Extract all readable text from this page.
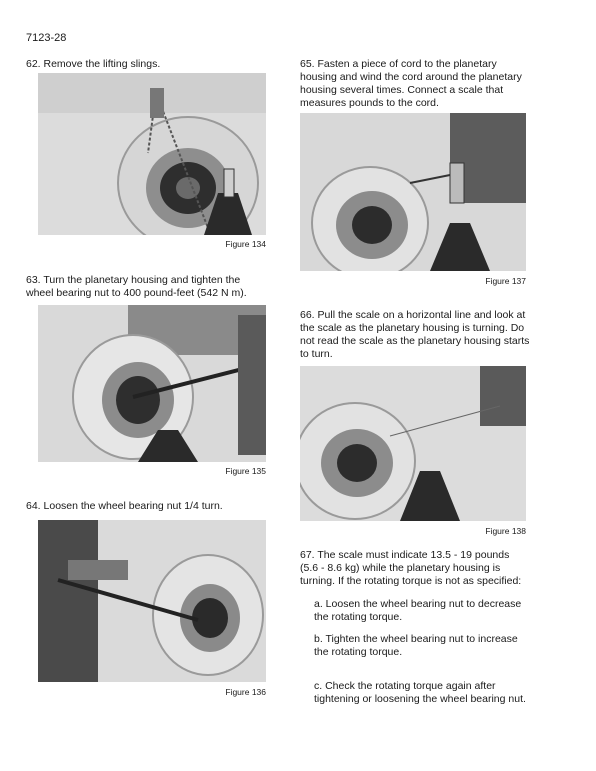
7123-28
62. Remove the lifting slings.
Figure 134
63. Turn the planetary housing and tighten the wheel bearing nut to 400 pound-feet (542 N m).
Figure 135
64. Loosen the wheel bearing nut 1/4 turn.
Figure 136
65. Fasten a piece of cord to the planetary housing and wind the cord around the planetary housing several times. Connect a scale that measures pounds to the cord.
Figure 137
66. Pull the scale on a horizontal line and look at the scale as the planetary housing is turning. Do not read the scale as the planetary housing starts to turn.
Figure 138
67. The scale must indicate 13.5 - 19 pounds (5.6 - 8.6 kg) while the planetary housing is turning. If the rotating torque is not as specified:
a. Loosen the wheel bearing nut to decrease the rotating torque.
b. Tighten the wheel bearing nut to increase the rotating torque.
c. Check the rotating torque again after tightening or loosening the wheel bearing nut.
